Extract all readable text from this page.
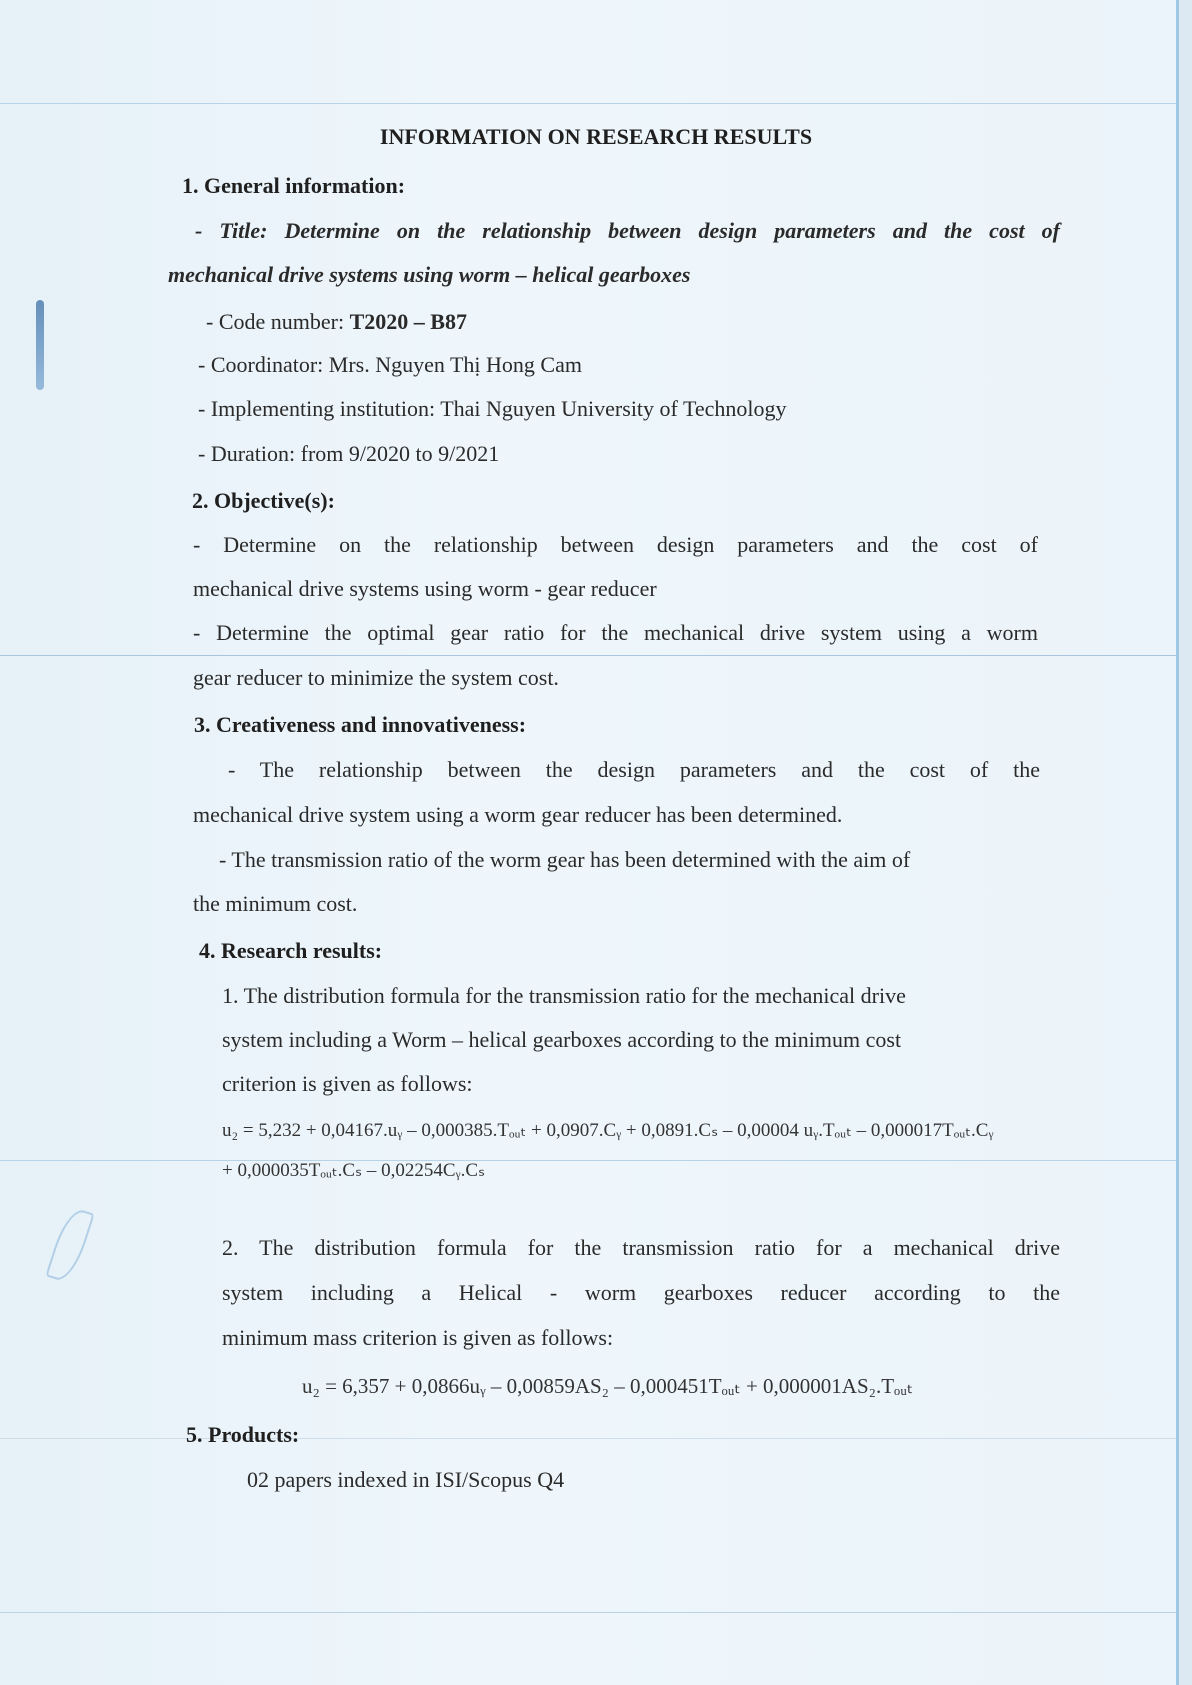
INFORMATION ON RESEARCH RESULTS
1. General information:
- Title: Determine on the relationship between design parameters and the cost of
mechanical drive systems using worm – helical gearboxes
- Code number: T2020 – B87
- Coordinator: Mrs. Nguyen Thị Hong Cam
- Implementing institution: Thai Nguyen University of Technology
- Duration: from 9/2020 to 9/2021
2. Objective(s):
- Determine on the relationship between design parameters and the cost of
mechanical drive systems using worm - gear reducer
- Determine the optimal gear ratio for the mechanical drive system using a worm
gear reducer to minimize the system cost.
3. Creativeness and innovativeness:
- The relationship between the design parameters and the cost of the
mechanical drive system using a worm gear reducer has been determined.
- The transmission ratio of the worm gear has been determined with the aim of
the minimum cost.
4. Research results:
1. The distribution formula for the transmission ratio for the mechanical drive
system including a Worm – helical gearboxes according to the minimum cost
criterion is given as follows:
u₂ = 5,232 + 0,04167.uᵧ – 0,000385.Tₒᵤₜ + 0,0907.Cᵧ + 0,0891.Cₛ – 0,00004 uᵧ.Tₒᵤₜ – 0,000017Tₒᵤₜ.Cᵧ
+ 0,000035Tₒᵤₜ.Cₛ – 0,02254Cᵧ.Cₛ
2. The distribution formula for the transmission ratio for a mechanical drive
system including a Helical - worm gearboxes reducer according to the
minimum mass criterion is given as follows:
u₂ = 6,357 + 0,0866uᵧ – 0,00859AS₂ – 0,000451Tₒᵤₜ + 0,000001AS₂.Tₒᵤₜ
5. Products:
02 papers indexed in ISI/Scopus Q4
